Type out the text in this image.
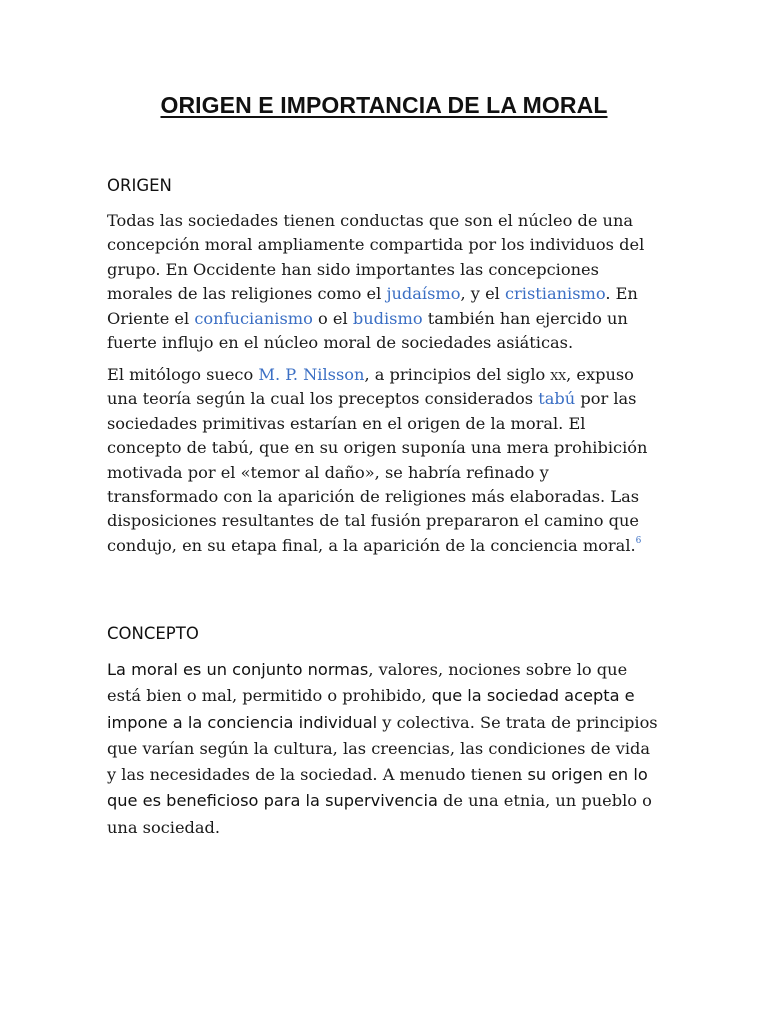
ORIGEN E IMPORTANCIA DE LA MORAL
ORIGEN

Todas las sociedades tienen conductas que son el núcleo de una concepción moral ampliamente compartida por los individuos del grupo. En Occidente han sido importantes las concepciones morales de las religiones como el judaísmo, y el cristianismo. En Oriente el confucianismo o el budismo también han ejercido un fuerte influjo en el núcleo moral de sociedades asiáticas.

El mitólogo sueco M. P. Nilsson, a principios del siglo xx, expuso una teoría según la cual los preceptos considerados tabú por las sociedades primitivas estarían en el origen de la moral. El concepto de tabú, que en su origen suponía una mera prohibición motivada por el «temor al daño», se habría refinado y transformado con la aparición de religiones más elaboradas. Las disposiciones resultantes de tal fusión prepararon el camino que condujo, en su etapa final, a la aparición de la conciencia moral.$^6$

CONCEPTO

La moral es un conjunto normas, valores, nociones sobre lo que está bien o mal, permitido o prohibido, que la sociedad acepta e impone a la conciencia individual y colectiva. Se trata de principios que varían según la cultura, las creencias, las condiciones de vida y las necesidades de la sociedad. A menudo tienen su origen en lo que es beneficioso para la supervivencia de una etnia, un pueblo o una sociedad.
